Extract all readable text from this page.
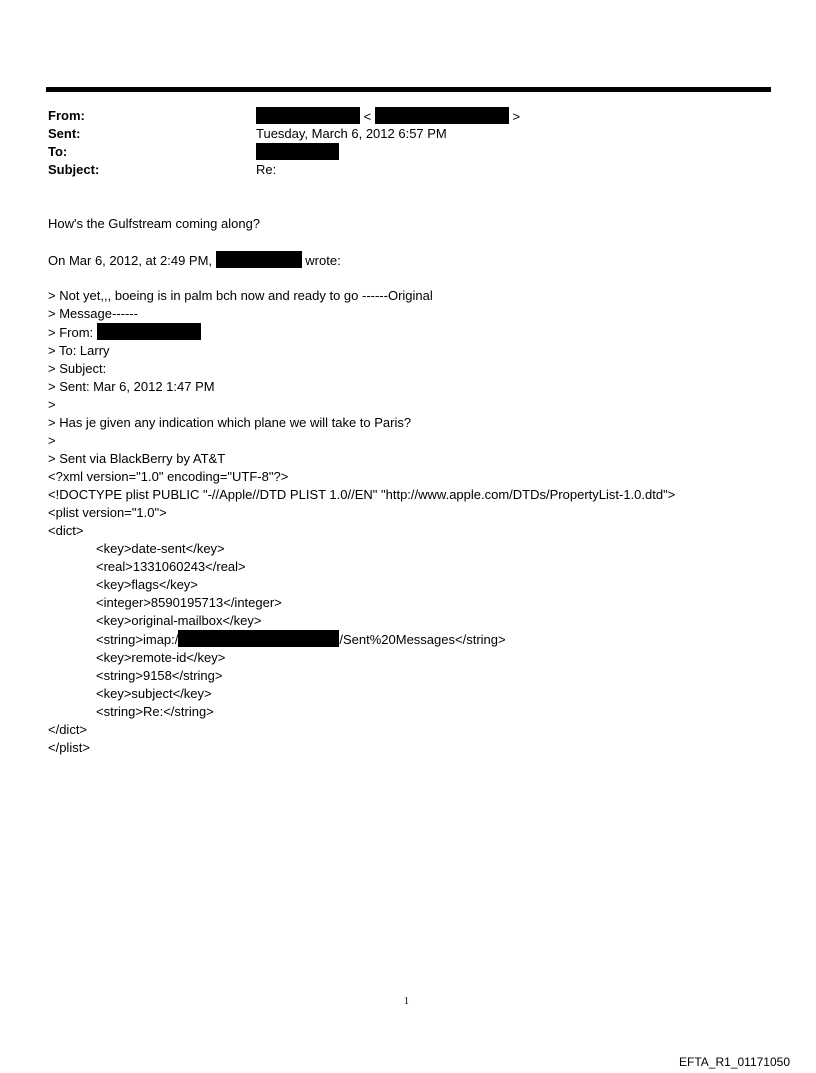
From:	<	>
Sent:	Tuesday, March 6, 2012 6:57 PM
To:
Subject:	Re:
How's the Gulfstream coming along?
On Mar 6, 2012, at 2:49 PM,	wrote:
> Not yet,,, boeing is in palm bch now and ready to go ------Original
> Message------
> From:
> To: Larry
> Subject:
> Sent: Mar 6, 2012 1:47 PM
>
> Has je given any indication which plane we will take to Paris?
>
> Sent via BlackBerry by AT&T
<?xml version="1.0" encoding="UTF-8"?>
<!DOCTYPE plist PUBLIC "-//Apple//DTD PLIST 1.0//EN" "http://www.apple.com/DTDs/PropertyList-1.0.dtd">
<plist version="1.0">
<dict>
<key>date-sent</key>
<real>1331060243</real>
<key>flags</key>
<integer>8590195713</integer>
<key>original-mailbox</key>
<string>imap:/	/Sent%20Messages</string>
<key>remote-id</key>
<string>9158</string>
<key>subject</key>
<string>Re:</string>
</dict>
</plist>
1
EFTA_R1_01171050
